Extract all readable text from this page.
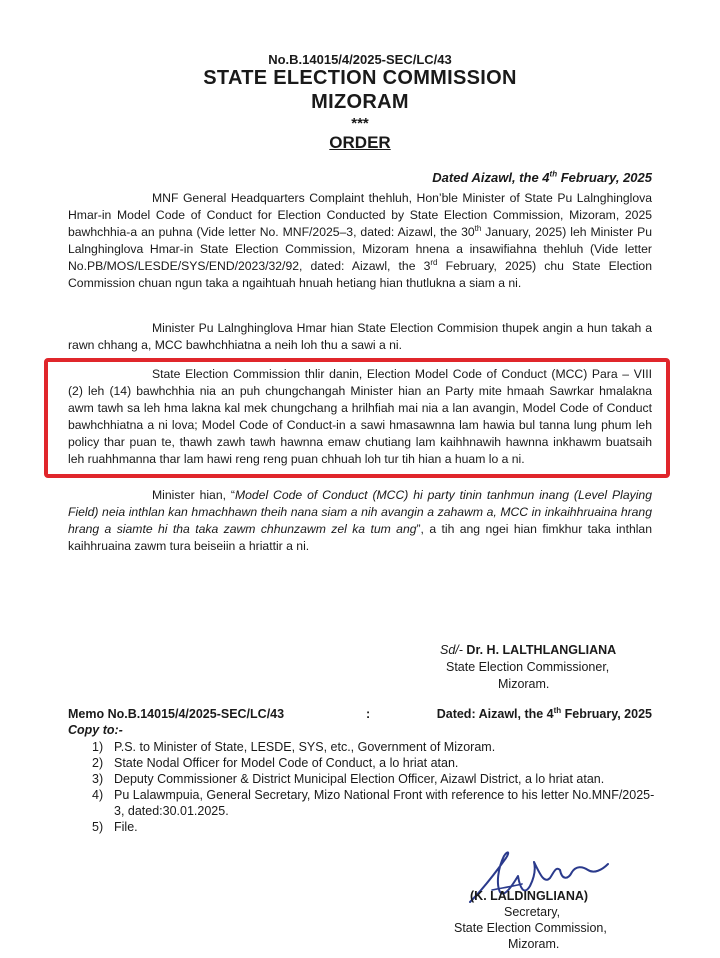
No.B.14015/4/2025-SEC/LC/43
STATE ELECTION COMMISSION
MIZORAM
***
ORDER
Dated Aizawl, the 4th February, 2025

MNF General Headquarters Complaint thehluh, Hon’ble Minister of State Pu Lalnghinglova Hmar-in Model Code of Conduct for Election Conducted by State Election Commission, Mizoram, 2025 bawhchhia-a an puhna (Vide letter No. MNF/2025–3, dated: Aizawl, the 30th January, 2025) leh Minister Pu Lalnghinglova Hmar-in State Election Commission, Mizoram hnena a insawifiahna thehluh (Vide letter No.PB/MOS/LESDE/SYS/END/2023/32/92, dated: Aizawl, the 3rd February, 2025) chu State Election Commission chuan ngun taka a ngaihtuah hnuah hetiang hian thutlukna a siam a ni.

Minister Pu Lalnghinglova Hmar hian State Election Commision thupek angin a hun takah a rawn chhang a, MCC bawhchhiatna a neih loh thu a sawi a ni.

State Election Commission thlir danin, Election Model Code of Conduct (MCC) Para – VIII (2) leh (14) bawhchhia nia an puh chungchangah Minister hian an Party mite hmaah Sawrkar hmalakna awm tawh sa leh hma lakna kal mek chungchang a hrilhfiah mai nia a lan avangin, Model Code of Conduct bawhchhiatna a ni lova; Model Code of Conduct-in a sawi hmasawnna lam hawia bul tanna lung phum leh policy thar puan te, thawh zawh tawh hawnna emaw chutiang lam kaihhnawih hawnna inkhawm buatsaih leh ruahhmanna thar lam hawi reng reng puan chhuah loh tur tih hian a huam lo a ni.

Minister hian, “Model Code of Conduct (MCC) hi party tinin tanhmun inang (Level Playing Field) neia inthlan kan hmachhawn theih nana siam a nih avangin a zahawm a, MCC in inkaihhruaina hrang hrang a siamte hi tha taka zawm chhunzawm zel ka tum ang”, a tih ang ngei hian fimkhur taka inthlan kaihhruaina zawm tura beiseiin a hriattir a ni.

Sd/- Dr. H. LALTHLANGLIANA
State Election Commissioner,
Mizoram.
Memo No.B.14015/4/2025-SEC/LC/43	:	Dated: Aizawl, the 4th February, 2025
Copy to:-
1) P.S. to Minister of State, LESDE, SYS, etc., Government of Mizoram.
2) State Nodal Officer for Model Code of Conduct, a lo hriat atan.
3) Deputy Commissioner & District Municipal Election Officer, Aizawl District, a lo hriat atan.
4) Pu Lalawmpuia, General Secretary, Mizo National Front with reference to his letter No.MNF/2025-3, dated:30.01.2025.
5) File.
(K. LALDINGLIANA)
Secretary,
State Election Commission,
Mizoram.
